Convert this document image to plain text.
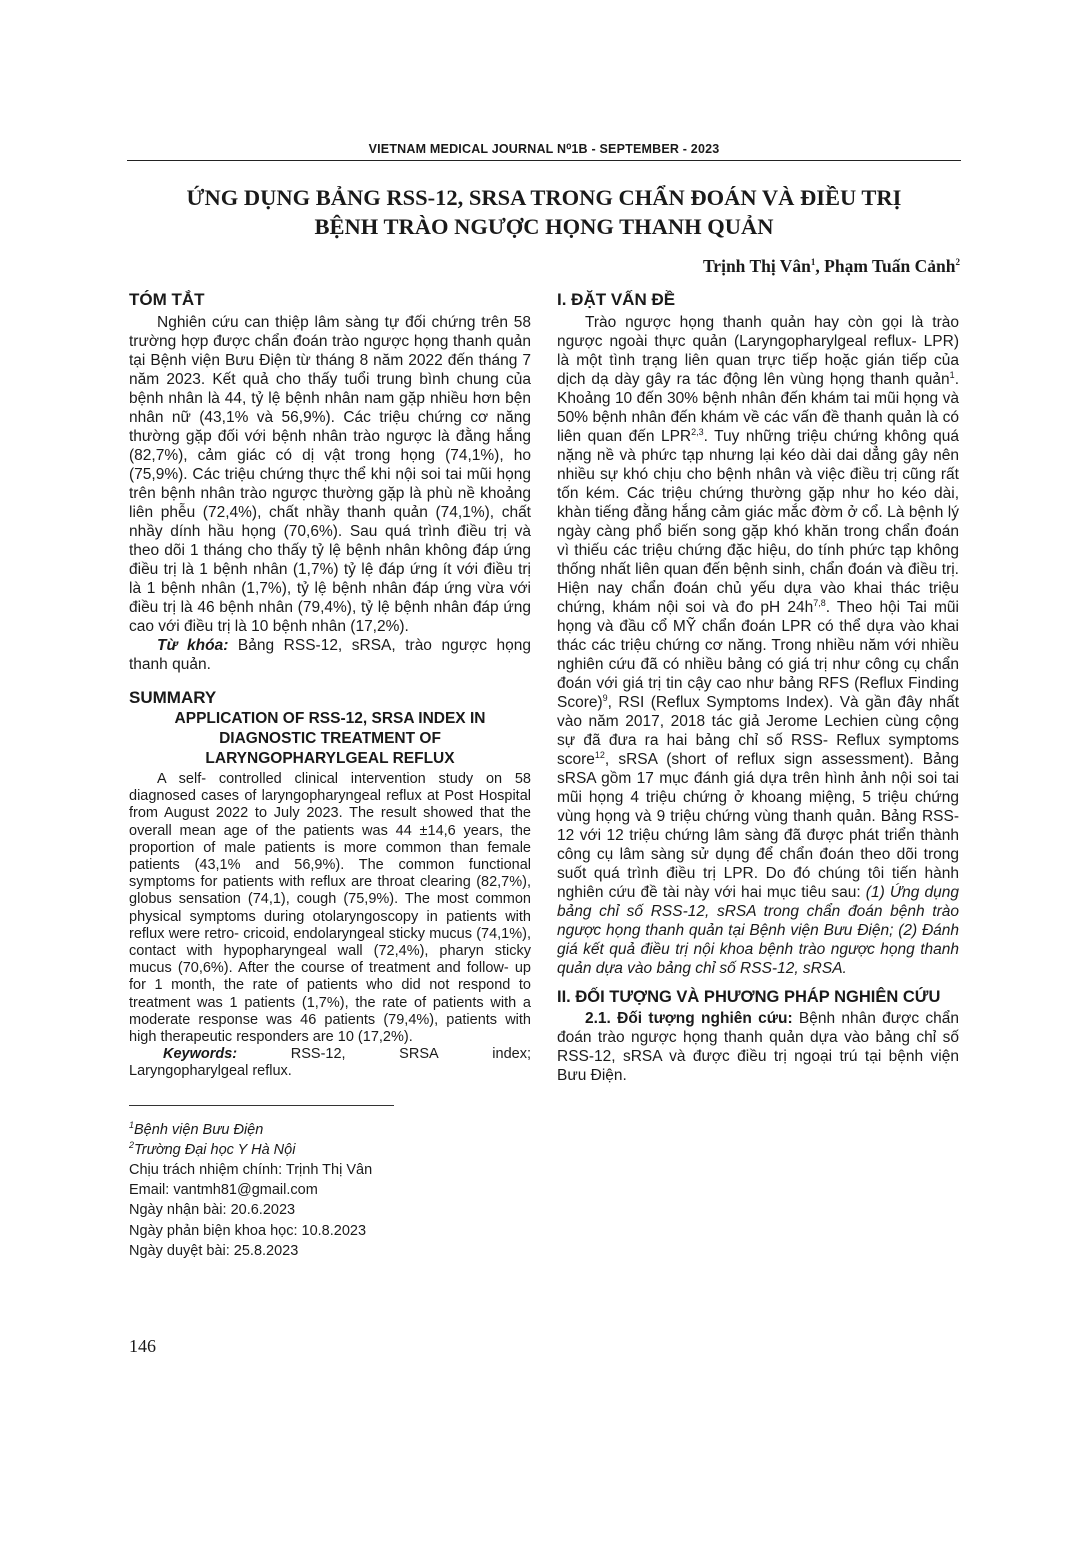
VIETNAM MEDICAL JOURNAL N⁰1B - SEPTEMBER - 2023
ỨNG DỤNG BẢNG RSS-12, SRSA TRONG CHẨN ĐOÁN VÀ ĐIỀU TRỊ
BỆNH TRÀO NGƯỢC HỌNG THANH QUẢN
Trịnh Thị Vân$^1$, Phạm Tuấn Cảnh$^2$
TÓM TẮT

Nghiên cứu can thiệp lâm sàng tự đối chứng trên 58 trường hợp được chẩn đoán trào ngược họng thanh quản tại Bệnh viện Bưu Điện từ tháng 8 năm 2022 đến tháng 7 năm 2023. Kết quả cho thấy tuổi trung bình chung của bệnh nhân là 44, tỷ lệ bệnh nhân nam gặp nhiều hơn bện nhân nữ (43,1% và 56,9%). Các triệu chứng cơ năng thường gặp đối với bệnh nhân trào ngược là đằng hắng (82,7%), cảm giác có dị vật trong họng (74,1%), ho (75,9%). Các triệu chứng thực thể khi nội soi tai mũi họng trên bệnh nhân trào ngược thường gặp là phù nề khoảng liên phễu (72,4%), chất nhầy thanh quản (74,1%), chất nhầy dính hầu họng (70,6%). Sau quá trình điều trị và theo dõi 1 tháng cho thấy tỷ lệ bệnh nhân không đáp ứng điều trị là 1 bệnh nhân (1,7%) tỷ lệ đáp ứng ít với điều trị là 1 bệnh nhân (1,7%), tỷ lệ bệnh nhân đáp ứng vừa với điều trị là 46 bệnh nhân (79,4%), tỷ lệ bệnh nhân đáp ứng cao với điều trị là 10 bệnh nhân (17,2%).

Từ khóa: Bảng RSS-12, sRSA, trào ngược họng thanh quản.

SUMMARY
APPLICATION OF RSS-12, SRSA INDEX IN DIAGNOSTIC TREATMENT OF LARYNGOPHARYLGEAL REFLUX

A self- controlled clinical intervention study on 58 diagnosed cases of laryngopharyngeal reflux at Post Hospital from August 2022 to July 2023. The result showed that the overall mean age of the patients was 44 ±14,6 years, the proportion of male patients is more common than female patients (43,1% and 56,9%). The common functional symptoms for patients with reflux are throat clearing (82,7%), globus sensation (74,1), cough (75,9%). The most common physical symptoms during otolaryngoscopy in patients with reflux were retro- cricoid, endolaryngeal sticky mucus (74,1%), contact with hypopharyngeal wall (72,4%), pharyn sticky mucus (70,6%). After the course of treatment and follow- up for 1 month, the rate of patients who did not respond to treatment was 1 patients (1,7%), the rate of patients with a moderate response was 46 patients (79,4%), patients with high therapeutic responders are 10 (17,2%).

Keywords:	RSS-12,	SRSA	index;
Laryngopharylgeal reflux.
$^1$Bệnh viện Bưu Điện
$^2$Trường Đại học Y Hà Nội
Chịu trách nhiệm chính: Trịnh Thị Vân
Email: vantmh81@gmail.com
Ngày nhận bài: 20.6.2023
Ngày phản biện khoa học: 10.8.2023
Ngày duyệt bài: 25.8.2023
I. ĐẶT VẤN ĐỀ

Trào ngược họng thanh quản hay còn gọi là trào ngược ngoài thực quản (Laryngopharylgeal reflux- LPR) là một tình trạng liên quan trực tiếp hoặc gián tiếp của dịch dạ dày gây ra tác động lên vùng họng thanh quản$^1$. Khoảng 10 đến 30% bệnh nhân đến khám tai mũi họng và 50% bệnh nhân đến khám về các vấn đề thanh quản là có liên quan đến LPR$^{2,3}$. Tuy những triệu chứng không quá nặng nề và phức tạp nhưng lại kéo dài dai dẳng gây nên nhiều sự khó chịu cho bệnh nhân và việc điều trị cũng rất tốn kém. Các triệu chứng thường gặp như ho kéo dài, khàn tiếng đằng hắng cảm giác mắc đờm ở cổ. Là bệnh lý ngày càng phổ biến song gặp khó khăn trong chẩn đoán vì thiếu các triệu chứng đặc hiệu, do tính phức tạp không thống nhất liên quan đến bệnh sinh, chẩn đoán và điều trị. Hiện nay chẩn đoán chủ yếu dựa vào khai thác triệu chứng, khám nội soi và đo pH $24h^{7,8}$. Theo hội Tai mũi họng và đầu cổ MỸ chẩn đoán LPR có thể dựa vào khai thác các triệu chứng cơ năng. Trong nhiều năm với nhiều nghiên cứu đã có nhiều bảng có giá trị như công cụ chẩn đoán với giá trị tin cậy cao như bảng RFS (Reflux Finding Score)$^9$, RSI (Reflux Symptoms Index). Và gần đây nhất vào năm 2017, 2018 tác giả Jerome Lechien cùng cộng sự đã đưa ra hai bảng chỉ số RSS- Reflux symptoms score$^{12}$, sRSA (short of reflux sign assessment). Bảng sRSA gồm 17 mục đánh giá dựa trên hình ảnh nội soi tai mũi họng 4 triệu chứng ở khoang miệng, 5 triệu chứng vùng họng và 9 triệu chứng vùng thanh quản. Bảng RSS-12 với 12 triệu chứng lâm sàng đã được phát triển thành công cụ lâm sàng sử dụng để chẩn đoán theo dõi trong suốt quá trình điều trị LPR. Do đó chúng tôi tiến hành nghiên cứu đề tài này với hai mục tiêu sau: (1) Ứng dụng bảng chỉ số RSS-12, sRSA trong chẩn đoán bệnh trào ngược họng thanh quản tại Bệnh viện Bưu Điện; (2) Đánh giá kết quả điều trị nội khoa bệnh trào ngược họng thanh quản dựa vào bảng chỉ số RSS-12, sRSA.

II. ĐỐI TƯỢNG VÀ PHƯƠNG PHÁP NGHIÊN CỨU

2.1. Đối tượng nghiên cứu: Bệnh nhân được chẩn đoán trào ngược họng thanh quản dựa vào bảng chỉ số RSS-12, sRSA và được điều trị ngoại trú tại bệnh viện Bưu Điện.

146
